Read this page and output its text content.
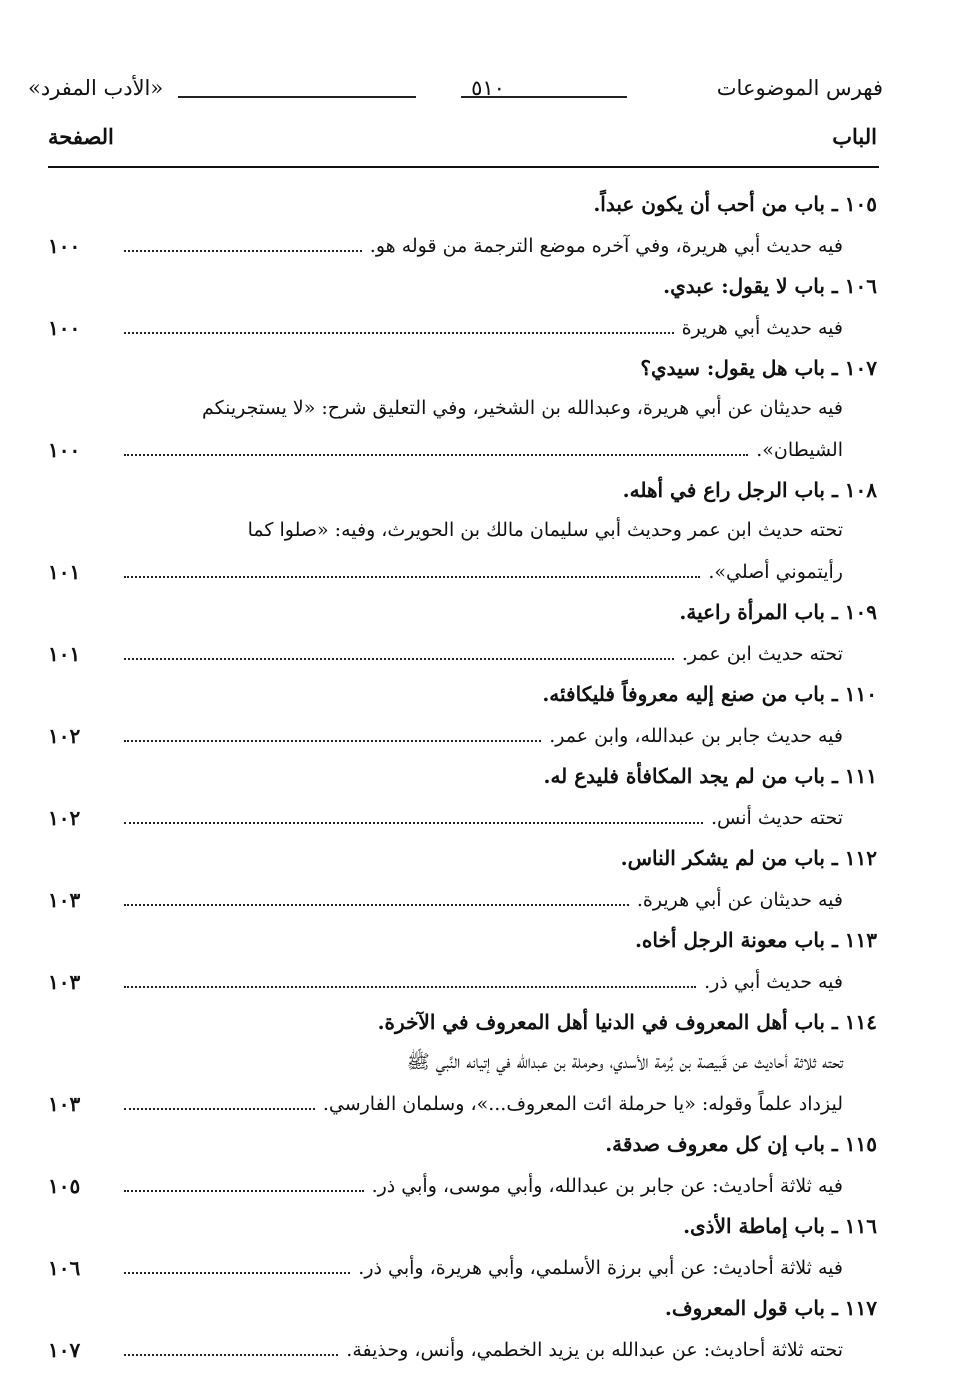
فهرس الموضوعات
٥١٠
«الأدب المفرد»
الباب
الصفحة
١٠٥ ـ باب من أحب أن يكون عبداً.
فيه حديث أبي هريرة، وفي آخره موضع الترجمة من قوله هو.
١٠٠
١٠٦ ـ باب لا يقول: عبدي.
فيه حديث أبي هريرة
١٠٠
١٠٧ ـ باب هل يقول: سيدي؟
فيه حديثان عن أبي هريرة، وعبدالله بن الشخير، وفي التعليق شرح: «لا يستجرينكم
الشيطان».
١٠٠
١٠٨ ـ باب الرجل راع في أهله.
تحته حديث ابن عمر وحديث أبي سليمان مالك بن الحويرث، وفيه: «صلوا كما
رأيتموني أصلي».
١٠١
١٠٩ ـ باب المرأة راعية.
تحته حديث ابن عمر.
١٠١
١١٠ ـ باب من صنع إليه معروفاً فليكافئه.
فيه حديث جابر بن عبدالله، وابن عمر.
١٠٢
١١١ ـ باب من لم يجد المكافأة فليدع له.
تحته حديث أنس.
١٠٢
١١٢ ـ باب من لم يشكر الناس.
فيه حديثان عن أبي هريرة.
١٠٣
١١٣ ـ باب معونة الرجل أخاه.
فيه حديث أبي ذر.
١٠٣
١١٤ ـ باب أهل المعروف في الدنيا أهل المعروف في الآخرة.
تحته ثلاثة أحاديث عن قَبيصة بن بُرمة الأسدي، وحرملة بن عبدالله في إتيانه النَّبي ﷺ
ليزداد علماً وقوله: «يا حرملة ائت المعروف...»، وسلمان الفارسي.
١٠٣
١١٥ ـ باب إن كل معروف صدقة.
فيه ثلاثة أحاديث: عن جابر بن عبدالله، وأبي موسى، وأبي ذر.
١٠٥
١١٦ ـ باب إماطة الأذى.
فيه ثلاثة أحاديث: عن أبي برزة الأسلمي، وأبي هريرة، وأبي ذر.
١٠٦
١١٧ ـ باب قول المعروف.
تحته ثلاثة أحاديث: عن عبدالله بن يزيد الخطمي، وأنس، وحذيفة.
١٠٧
